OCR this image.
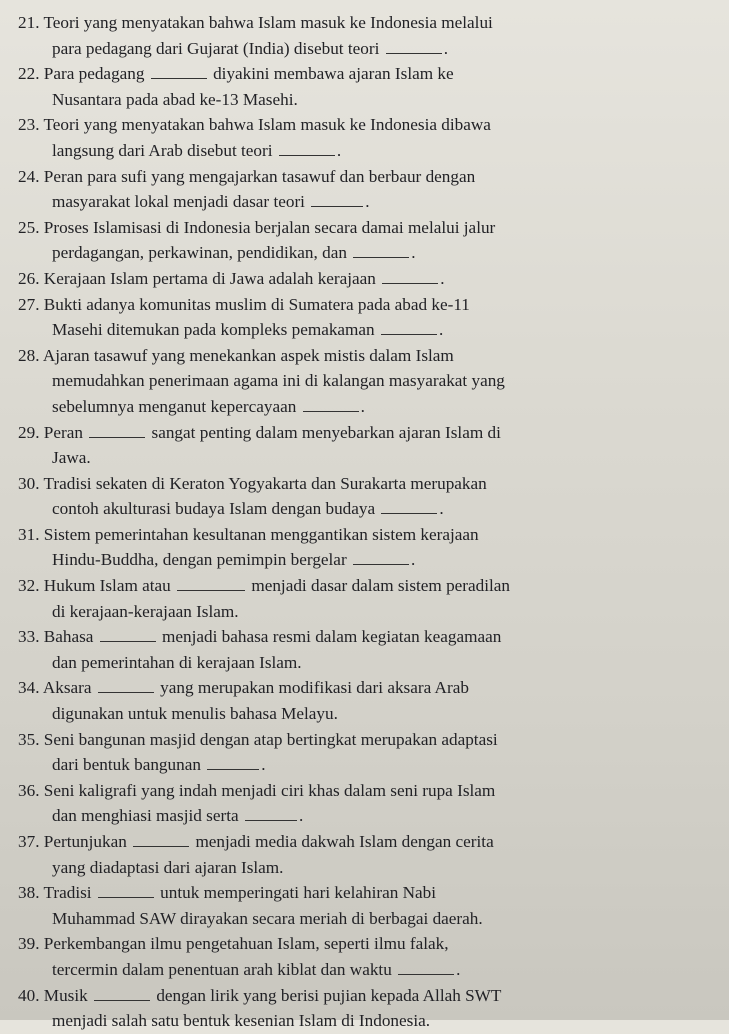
21. Teori yang menyatakan bahwa Islam masuk ke Indonesia melalui
para pedagang dari Gujarat (India) disebut teori	.
22. Para pedagang	diyakini membawa ajaran Islam ke
Nusantara pada abad ke-13 Masehi.
23. Teori yang menyatakan bahwa Islam masuk ke Indonesia dibawa
langsung dari Arab disebut teori	.
24. Peran para sufi yang mengajarkan tasawuf dan berbaur dengan
masyarakat lokal menjadi dasar teori	.
25. Proses Islamisasi di Indonesia berjalan secara damai melalui jalur
perdagangan, perkawinan, pendidikan, dan	.
26. Kerajaan Islam pertama di Jawa adalah kerajaan	.
27. Bukti adanya komunitas muslim di Sumatera pada abad ke-11
Masehi ditemukan pada kompleks pemakaman	.
28. Ajaran tasawuf yang menekankan aspek mistis dalam Islam
memudahkan penerimaan agama ini di kalangan masyarakat yang
sebelumnya menganut kepercayaan	.
29. Peran	sangat penting dalam menyebarkan ajaran Islam di
Jawa.
30. Tradisi sekaten di Keraton Yogyakarta dan Surakarta merupakan
contoh akulturasi budaya Islam dengan budaya	.
31. Sistem pemerintahan kesultanan menggantikan sistem kerajaan
Hindu-Buddha, dengan pemimpin bergelar	.
32. Hukum Islam atau	menjadi dasar dalam sistem peradilan
di kerajaan-kerajaan Islam.
33. Bahasa	menjadi bahasa resmi dalam kegiatan keagamaan
dan pemerintahan di kerajaan Islam.
34. Aksara	yang merupakan modifikasi dari aksara Arab
digunakan untuk menulis bahasa Melayu.
35. Seni bangunan masjid dengan atap bertingkat merupakan adaptasi
dari bentuk bangunan	.
36. Seni kaligrafi yang indah menjadi ciri khas dalam seni rupa Islam
dan menghiasi masjid serta	.
37. Pertunjukan	menjadi media dakwah Islam dengan cerita
yang diadaptasi dari ajaran Islam.
38. Tradisi	untuk memperingati hari kelahiran Nabi
Muhammad SAW dirayakan secara meriah di berbagai daerah.
39. Perkembangan ilmu pengetahuan Islam, seperti ilmu falak,
tercermin dalam penentuan arah kiblat dan waktu	.
40. Musik	dengan lirik yang berisi pujian kepada Allah SWT
menjadi salah satu bentuk kesenian Islam di Indonesia.
